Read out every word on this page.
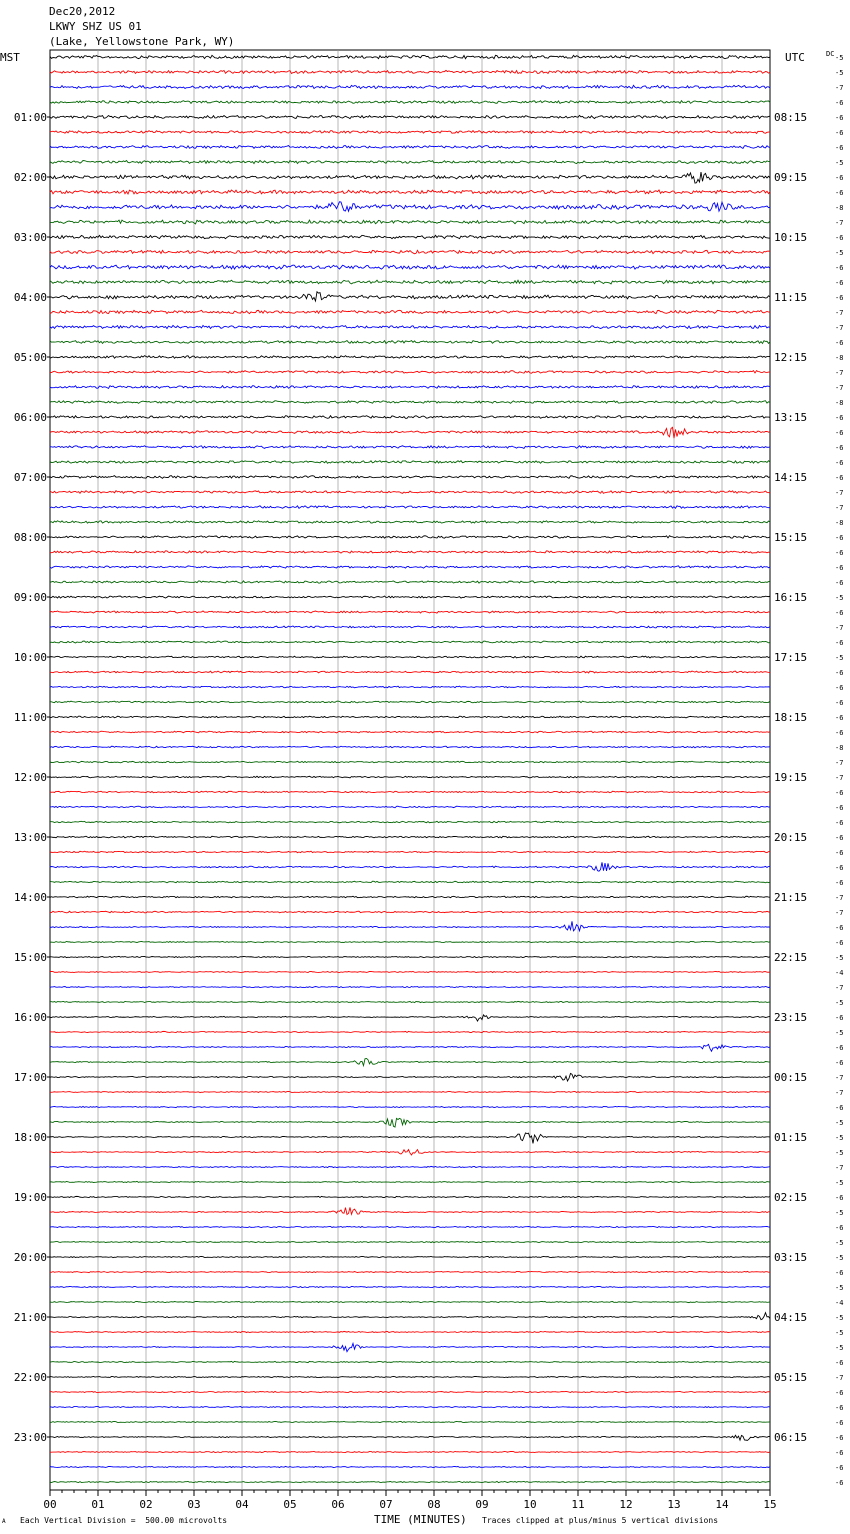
Dec20,2012
LKWY SHZ US 01
(Lake, Yellowstone Park, WY)
MST	UTC	DC
01:00
02:00
03:00
04:00
05:00
06:00
07:00
08:00
09:00
10:00
11:00
12:00
13:00
14:00
15:00
16:00
17:00
18:00
19:00
20:00
21:00
22:00
23:00
08:15
09:15
10:15
11:15
12:15
13:15
14:15
15:15
16:15
17:15
18:15
19:15
20:15
21:15
22:15
23:15
00:15
01:15
02:15
03:15
04:15
05:15
06:15
-5
-5
-7
-6
-6
-6
-6
-5
-6
-6
-8
-7
-6
-5
-6
-6
-6
-7
-7
-6
-8
-7
-7
-8
-6
-6
-6
-6
-6
-7
-7
-8
-6
-6
-6
-6
-5
-6
-7
-6
-5
-6
-6
-6
-6
-6
-8
-7
-7
-6
-6
-6
-6
-6
-6
-6
-7
-7
-6
-6
-5
-4
-7
-5
-6
-5
-6
-6
-7
-7
-6
-5
-5
-5
-7
-5
-6
-5
-6
-5
-5
-6
-5
-4
-5
-5
-5
-6
-7
-6
-6
-6
-6
-6
-6
-6
00	01	02	03	04	05	06	07	08	09	10	11	12	13	14	15
A Each Vertical Division =  500.00 microvolts	TIME (MINUTES) Traces clipped at plus/minus 5 vertical divisions
